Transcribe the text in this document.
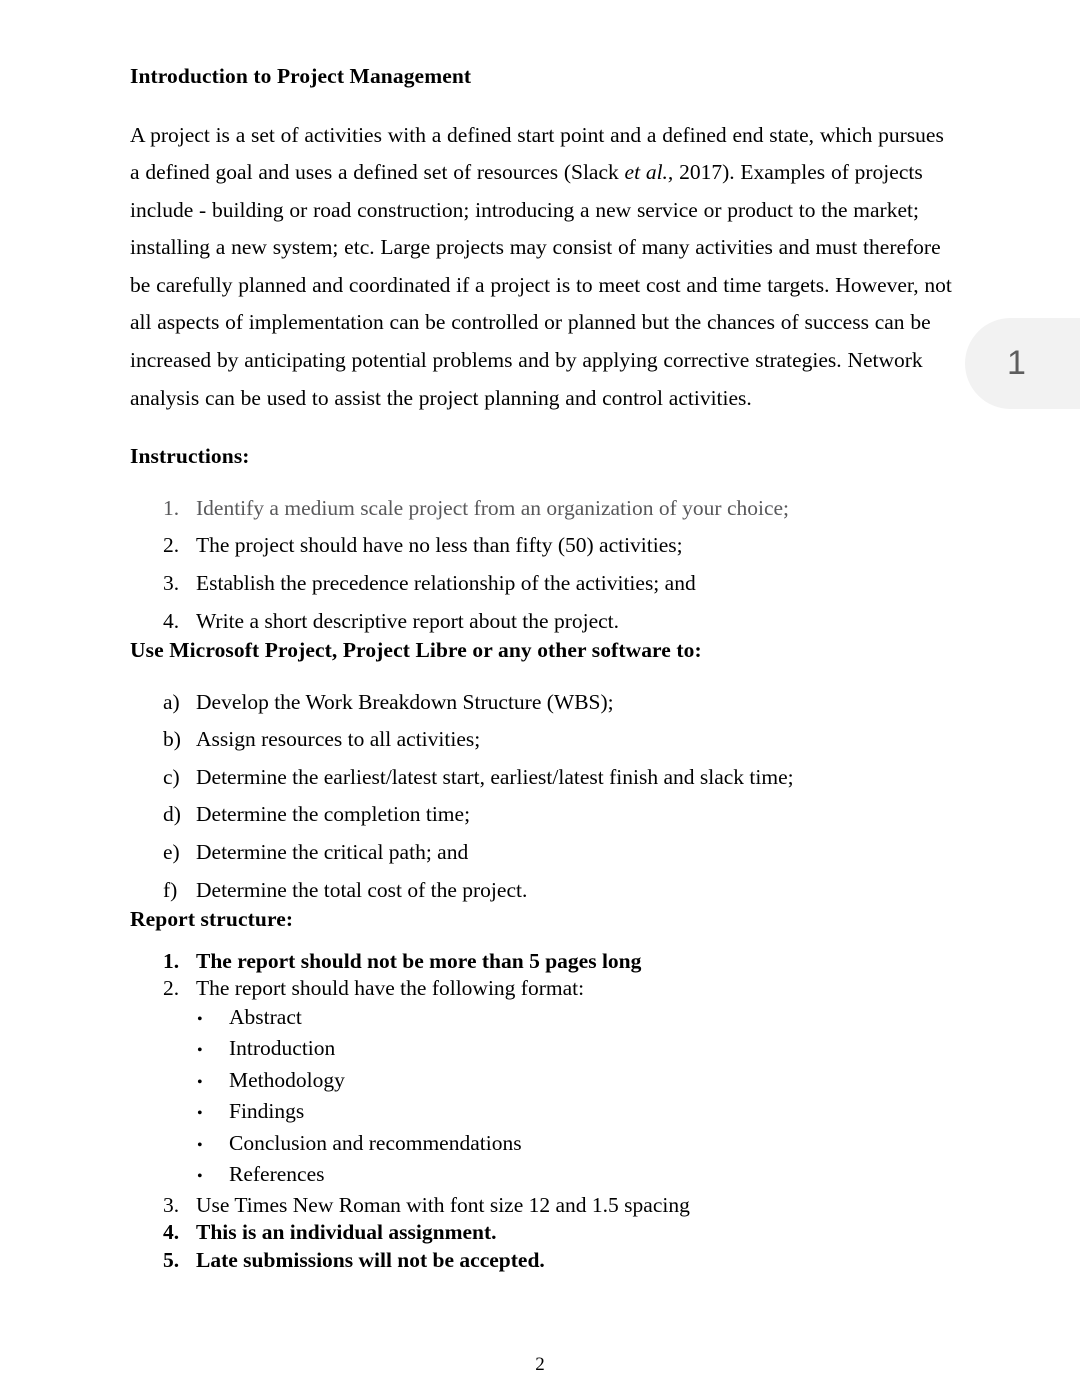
Introduction to Project Management

A project is a set of activities with a defined start point and a defined end state, which pursues a defined goal and uses a defined set of resources (Slack et al., 2017). Examples of projects include - building or road construction; introducing a new service or product to the market; installing a new system; etc. Large projects may consist of many activities and must therefore be carefully planned and coordinated if a project is to meet cost and time targets. However, not all aspects of implementation can be controlled or planned but the chances of success can be increased by anticipating potential problems and by applying corrective strategies. Network analysis can be used to assist the project planning and control activities.

Instructions:
1. Identify a medium scale project from an organization of your choice;
2. The project should have no less than fifty (50) activities;
3. Establish the precedence relationship of the activities; and
4. Write a short descriptive report about the project.
Use Microsoft Project, Project Libre or any other software to:
a) Develop the Work Breakdown Structure (WBS);
b) Assign resources to all activities;
c) Determine the earliest/latest start, earliest/latest finish and slack time;
d) Determine the completion time;
e) Determine the critical path; and
f) Determine the total cost of the project.
Report structure:
1. The report should not be more than 5 pages long
2. The report should have the following format:
•	Abstract
•	Introduction
•	Methodology
•	Findings
•	Conclusion and recommendations
•	References
3. Use Times New Roman with font size 12 and 1.5 spacing
4. This is an individual assignment.
5. Late submissions will not be accepted.
2
1
